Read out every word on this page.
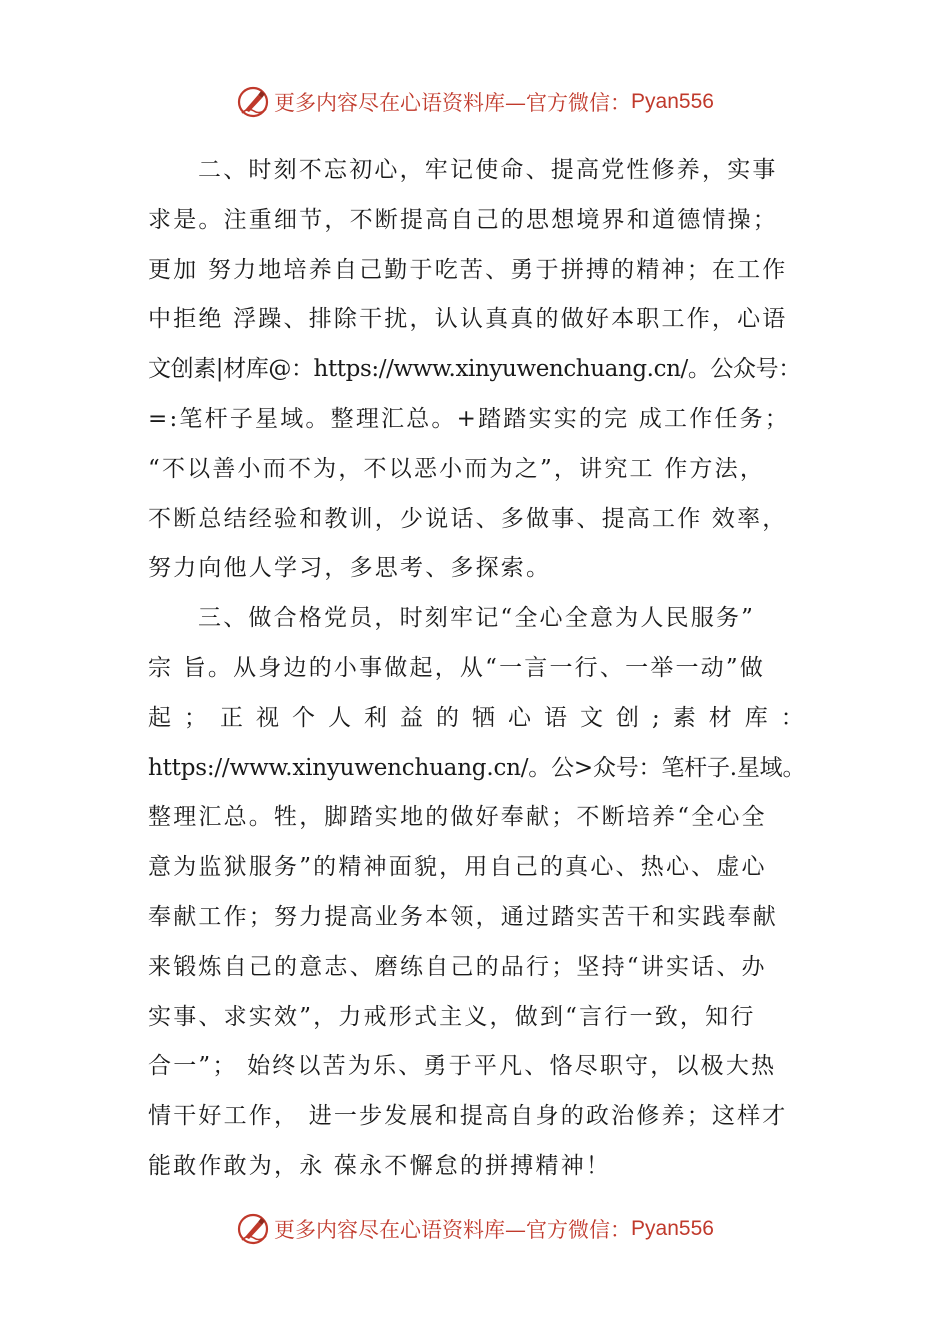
更多内容尽在心语资料库—官方微信： Pyan556
二、时刻不忘初心，牢记使命、提高党性修养，实事
求是。注重细节，不断提高自己的思想境界和道德情操；
更加 努力地培养自己勤于吃苦、勇于拼搏的精神；在工作
中拒绝 浮躁、排除干扰，认认真真的做好本职工作，心语
文创素|材库@：https://www.xinyuwenchuang.cn/。公众号：
=:笔杆子星域。整理汇总。+踏踏实实的完 成工作任务；
“不以善小而不为，不以恶小而为之”，讲究工 作方法，
不断总结经验和教训，少说话、多做事、提高工作 效率，
努力向他人学习，多思考、多探索。
三、做合格党员，时刻牢记“全心全意为人民服务”
宗 旨。从身边的小事做起，从“一言一行、一举一动”做
起；正视个人利益的牺心语文创;素材库：
https://www.xinyuwenchuang.cn/。公>众号：笔杆子.星域。
整理汇总。牲，脚踏实地的做好奉献；不断培养“全心全
意为监狱服务”的精神面貌，用自己的真心、热心、虚心
奉献工作；努力提高业务本领，通过踏实苦干和实践奉献
来锻炼自己的意志、磨练自己的品行；坚持“讲实话、办
实事、求实效”，力戒形式主义，做到“言行一致，知行
合一”； 始终以苦为乐、勇于平凡、恪尽职守，以极大热
情干好工作， 进一步发展和提高自身的政治修养；这样才
能敢作敢为，永 葆永不懈怠的拼搏精神！
更多内容尽在心语资料库—官方微信： Pyan556
